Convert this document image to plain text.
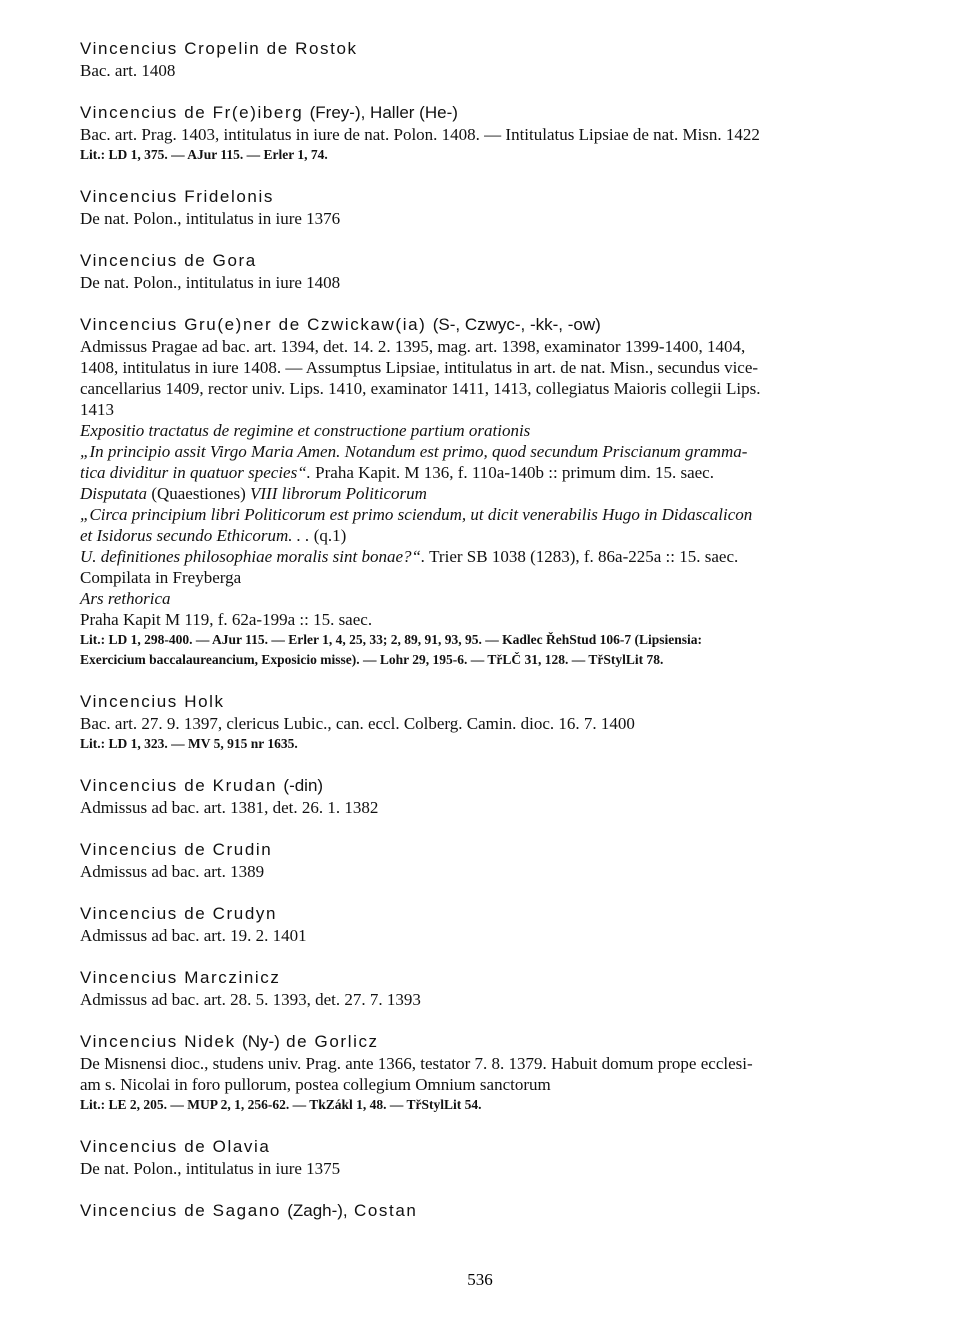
Vincencius Cropelin de Rostok
Bac. art. 1408
Vincencius de Fr(e)iberg (Frey-), Haller (He-)
Bac. art. Prag. 1403, intitulatus in iure de nat. Polon. 1408. — Intitulatus Lipsiae de nat. Misn. 1422
Lit.: LD 1, 375. — AJur 115. — Erler 1, 74.
Vincencius Fridelonis
De nat. Polon., intitulatus in iure 1376
Vincencius de Gora
De nat. Polon., intitulatus in iure 1408
Vincencius Gru(e)ner de Czwickaw(ia) (S-, Czwyc-, -kk-, -ow)
Admissus Pragae ad bac. art. 1394, det. 14. 2. 1395, mag. art. 1398, examinator 1399-1400, 1404,
1408, intitulatus in iure 1408. — Assumptus Lipsiae, intitulatus in art. de nat. Misn., secundus vice-
cancellarius 1409, rector univ. Lips. 1410, examinator 1411, 1413, collegiatus Maioris collegii Lips.
1413
Expositio tractatus de regimine et constructione partium orationis
„In principio assit Virgo Maria Amen. Notandum est primo, quod secundum Priscianum gramma-
tica dividitur in quatuor species“. Praha Kapit. M 136, f. 110a-140b :: primum dim. 15. saec.
Disputata (Quaestiones) VIII librorum Politicorum
„Circa principium libri Politicorum est primo sciendum, ut dicit venerabilis Hugo in Didascalicon
et Isidorus secundo Ethicorum. . . (q.1)
U. definitiones philosophiae moralis sint bonae?“. Trier SB 1038 (1283), f. 86a-225a :: 15. saec.
Compilata in Freyberga
Ars rethorica
Praha Kapit M 119, f. 62a-199a :: 15. saec.
Lit.: LD 1, 298-400. — AJur 115. — Erler 1, 4, 25, 33; 2, 89, 91, 93, 95. — Kadlec ŘehStud 106-7 (Lipsiensia:
Exercicium baccalaureancium, Exposicio misse). — Lohr 29, 195-6. — TřLČ 31, 128. — TřStylLit 78.
Vincencius Holk
Bac. art. 27. 9. 1397, clericus Lubic., can. eccl. Colberg. Camin. dioc. 16. 7. 1400
Lit.: LD 1, 323. — MV 5, 915 nr 1635.
Vincencius de Krudan (-din)
Admissus ad bac. art. 1381, det. 26. 1. 1382
Vincencius de Crudin
Admissus ad bac. art. 1389
Vincencius de Crudyn
Admissus ad bac. art. 19. 2. 1401
Vincencius Marczinicz
Admissus ad bac. art. 28. 5. 1393, det. 27. 7. 1393
Vincencius Nidek (Ny-) de Gorlicz
De Misnensi dioc., studens univ. Prag. ante 1366, testator 7. 8. 1379. Habuit domum prope ecclesi-
am s. Nicolai in foro pullorum, postea collegium Omnium sanctorum
Lit.: LE 2, 205. — MUP 2, 1, 256-62. — TkZákl 1, 48. — TřStylLit 54.
Vincencius de Olavia
De nat. Polon., intitulatus in iure 1375
Vincencius de Sagano (Zagh-), Costan
536
